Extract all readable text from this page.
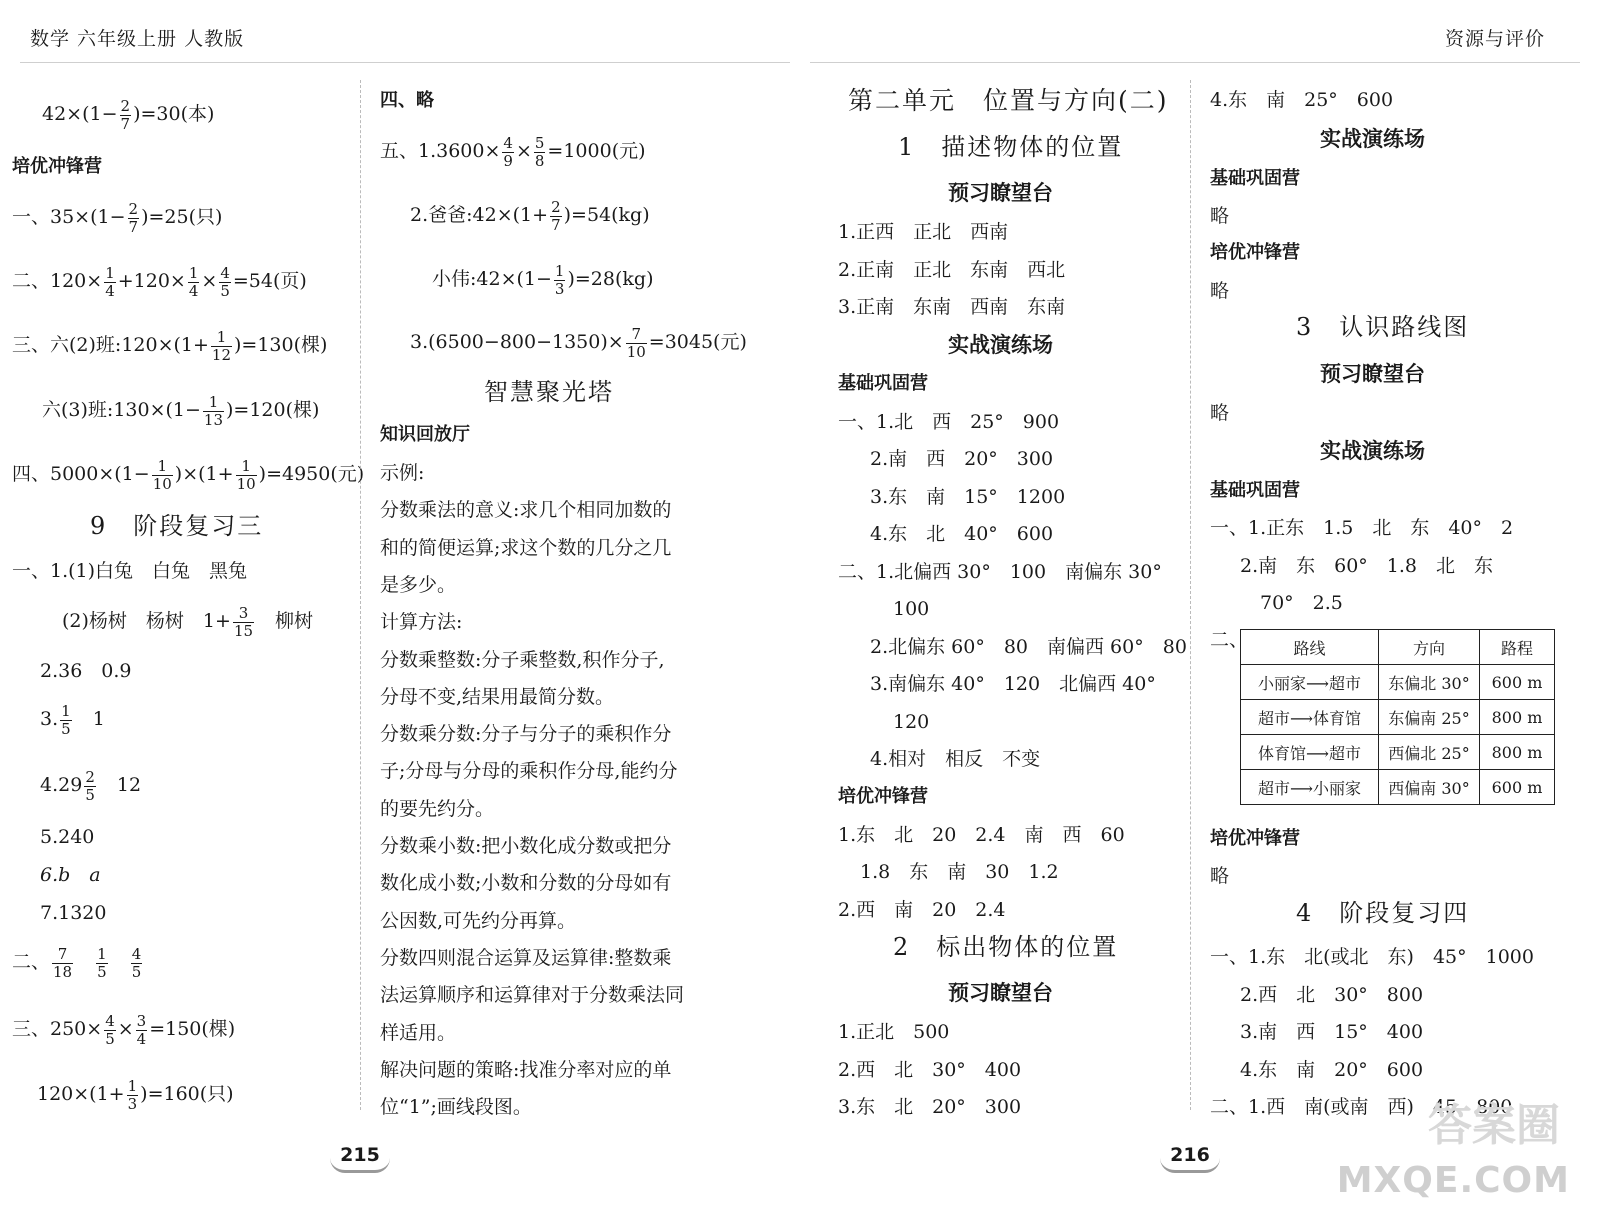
数学 六年级上册 人教版
$42\times(1- \frac{2}{7} )=30$(本)
培优冲锋营
一、$35\times(1- \frac{2}{7} )=25$(只)
二、$120\times \frac{1}{4} +120\times \frac{1}{4} \times \frac{4}{5} =54$(页)
三、六(2)班:120×(1+ $\frac{1}{12} )=130$(棵)
六(3)班:130×(1− $\frac{1}{13} )=120$(棵)
四、$5000\times(1- \frac{1}{10} )\times(1+ \frac{1}{10} )=4950$(元)
9　阶段复习三
一、1.(1)白兔　白兔　黑兔
(2)杨树　杨树　$1+ \frac{3}{15}$ 　柳树
2.36　0.9
3. $\frac{1}{5}$ 　1
$4.29 \frac{2}{5}$ 　12
5.240
6.b　a
7.1320
二、 $\frac{7}{18}$
　 $\frac{1}{5}$
　 $\frac{4}{5}$
三、$250\times \frac{4}{5} \times \frac{3}{4} =150$(棵)
$120\times(1+ \frac{1}{3} )=160$(只)
四、略
五、$1.3600\times \frac{4}{9} \times \frac{5}{8} =1000$(元)
2.爸爸:42×(1+ $\frac{2}{7} )=54(kg)$
小伟:42×(1− $\frac{1}{3} )=28(kg)$
$3.(6500-800-1350)\times \frac{7}{10} =3045$(元)
智慧聚光塔
知识回放厅
示例:
分数乘法的意义:求几个相同加数的
和的简便运算;求这个数的几分之几
是多少。
计算方法:
分数乘整数:分子乘整数,积作分子,
分母不变,结果用最简分数。
分数乘分数:分子与分子的乘积作分
子;分母与分母的乘积作分母,能约分
的要先约分。
分数乘小数:把小数化成分数或把分
数化成小数;小数和分数的分母如有
公因数,可先约分再算。
分数四则混合运算及运算律:整数乘
法运算顺序和运算律对于分数乘法同
样适用。
解决问题的策略:找准分率对应的单
位“1”;画线段图。
215
资源与评价
第二单元　位置与方向(二)
1　描述物体的位置
预习瞭望台
1.正西　正北　西南
2.正南　正北　东南　西北
3.正南　东南　西南　东南
实战演练场
基础巩固营
一、1.北　西　25°　900
2.南　西　20°　300
3.东　南　15°　1200
4.东　北　40°　600
二、1.北偏西 30°　100　南偏东 30°
100
2.北偏东 60°　80　南偏西 60°　80
3.南偏东 40°　120　北偏西 40°
120
4.相对　相反　不变
培优冲锋营
1.东　北　20　2.4　南　西　60
1.8　东　南　30　1.2
2.西　南　20　2.4
2　标出物体的位置
预习瞭望台
1.正北　500
2.西　北　30°　400
3.东　北　20°　300
4.东　南　25°　600
实战演练场
基础巩固营
略
培优冲锋营
略
3　认识路线图
预习瞭望台
略
实战演练场
基础巩固营
一、1.正东　1.5　北　东　40°　2
2.南　东　60°　1.8　北　东
70°　2.5
二、	路线	方向	路程
小丽家⟶超市	东偏北 30°	600 m
超市⟶体育馆	东偏南 25°	800 m
体育馆⟶超市	西偏北 25°	800 m
超市⟶小丽家	西偏南 30°	600 m
培优冲锋营
略
4　阶段复习四
一、1.东　北(或北　东)　45°　1000
2.西　北　30°　800
3.南　西　15°　400
4.东　南　20°　600
二、1.西　南(或南　西)　45　800
216
答案圈
MXQE.COM
